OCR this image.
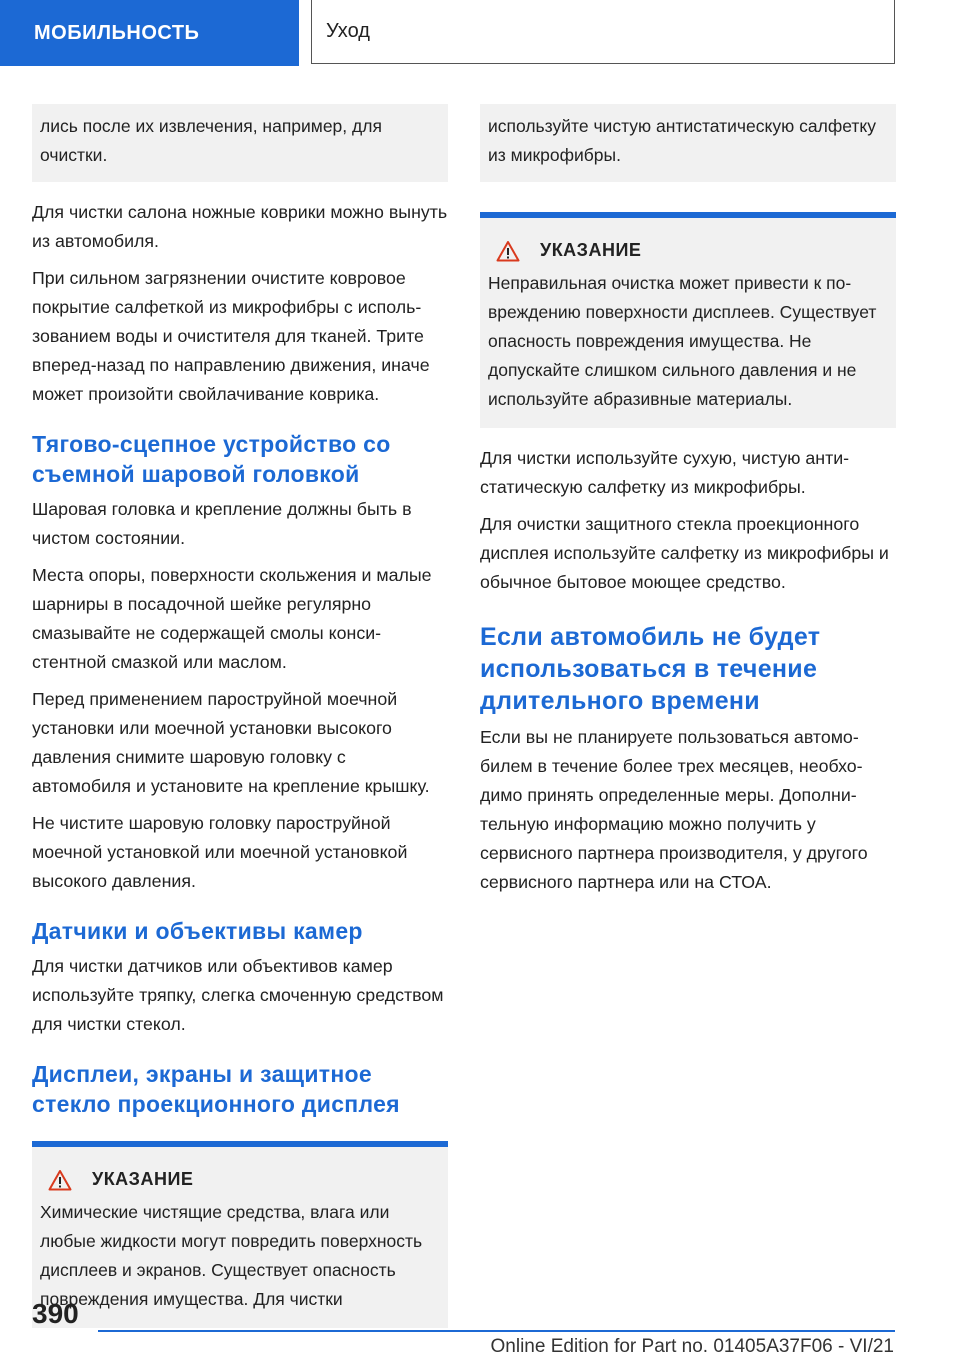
МОБИЛЬНОСТЬ	Уход
лись после их извлечения, например, для очистки.

Для чистки салона ножные коврики можно вынуть из автомобиля.

При сильном загрязнении очистите ковровое покрытие салфеткой из микрофибры с использованием воды и очистителя для тканей. Трите вперед-назад по направлению движения, иначе может произойти свойлачивание коврика.

Тягово-сцепное устройство со съемной шаровой головкой

Шаровая головка и крепление должны быть в чистом состоянии.

Места опоры, поверхности скольжения и малые шарниры в посадочной шейке регулярно смазывайте не содержащей смолы консистентной смазкой или маслом.

Перед применением пароструйной моечной установки или моечной установки высокого давления снимите шаровую головку с автомобиля и установите на крепление крышку.

Не чистите шаровую головку пароструйной моечной установкой или моечной установкой высокого давления.

Датчики и объективы камер

Для чистки датчиков или объективов камер используйте тряпку, слегка смоченную средством для чистки стекол.

Дисплеи, экраны и защитное стекло проекционного дисплея
УКАЗАНИЕ
Химические чистящие средства, влага или любые жидкости могут повредить поверхность дисплеев и экранов. Существует опасность повреждения имущества. Для чистки
используйте чистую антистатическую салфетку из микрофибры.
УКАЗАНИЕ
Неправильная очистка может привести к повреждению поверхности дисплеев. Существует опасность повреждения имущества. Не допускайте слишком сильного давления и не используйте абразивные материалы.

Для чистки используйте сухую, чистую антистатическую салфетку из микрофибры.

Для очистки защитного стекла проекционного дисплея используйте салфетку из микрофибры и обычное бытовое моющее средство.

Если автомобиль не будет использоваться в течение длительного времени

Если вы не планируете пользоваться автомобилем в течение более трех месяцев, необходимо принять определенные меры. Дополнительную информацию можно получить у сервисного партнера производителя, у другого сервисного партнера или на СТОА.

390
Online Edition for Part no. 01405A37F06 - VI/21
